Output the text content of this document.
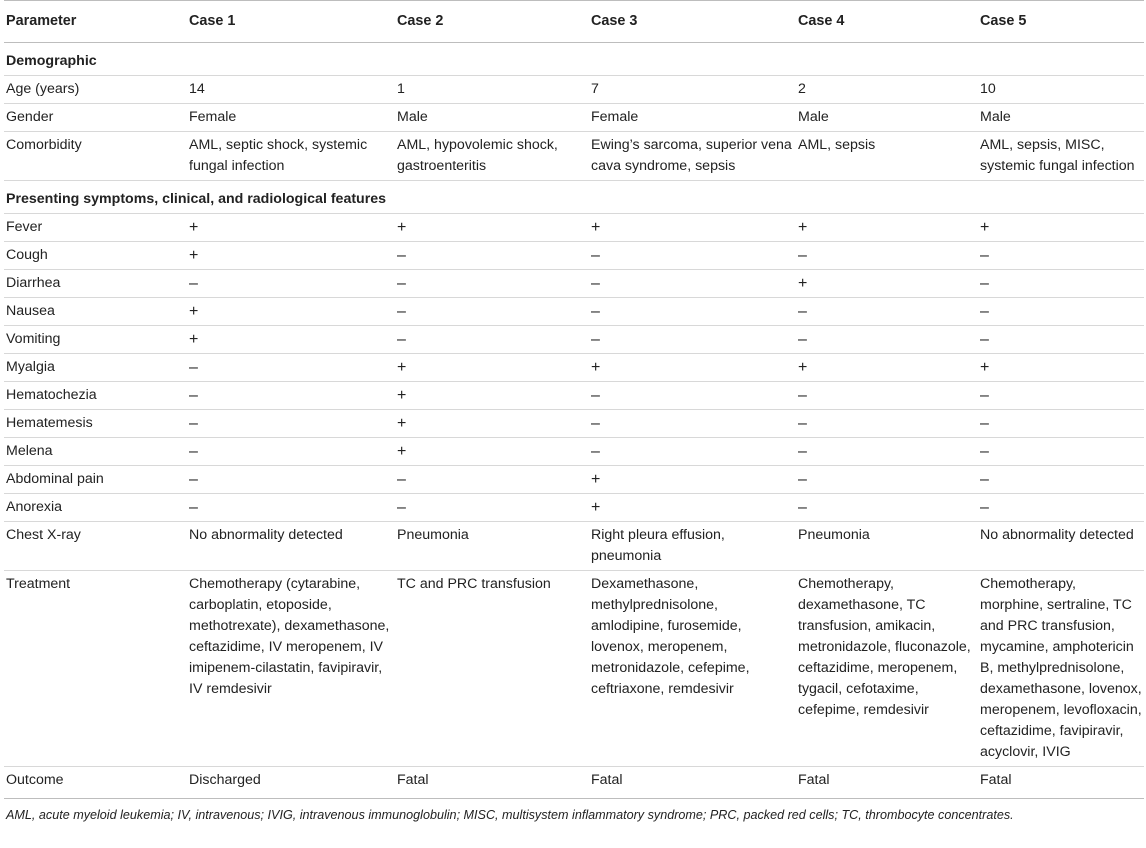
Parameter	Case 1	Case 2	Case 3	Case 4	Case 5
Demographic					
Age (years)	14	1	7	2	10
Gender	Female	Male	Female	Male	Male
Comorbidity	AML, septic shock, systemic fungal infection	AML, hypovolemic shock, gastroenteritis	Ewing’s sarcoma, superior vena cava syndrome, sepsis	AML, sepsis	AML, sepsis, MISC, systemic fungal infection
Presenting symptoms, clinical, and radiological features					
Fever	+	+	+	+	+
Cough	+	–	–	–	–
Diarrhea	–	–	–	+	–
Nausea	+	–	–	–	–
Vomiting	+	–	–	–	–
Myalgia	–	+	+	+	+
Hematochezia	–	+	–	–	–
Hematemesis	–	+	–	–	–
Melena	–	+	–	–	–
Abdominal pain	–	–	+	–	–
Anorexia	–	–	+	–	–
Chest X-ray	No abnormality detected	Pneumonia	Right pleura effusion, pneumonia	Pneumonia	No abnormality detected
Treatment	Chemotherapy (cytarabine, carboplatin, etoposide, methotrexate), dexamethasone, ceftazidime, IV meropenem, IV imipenem-cilastatin, favipiravir, IV remdesivir	TC and PRC transfusion	Dexamethasone, methylprednisolone, amlodipine, furosemide, lovenox, meropenem, metronidazole, cefepime, ceftriaxone, remdesivir	Chemotherapy, dexamethasone, TC transfusion, amikacin, metronidazole, fluconazole, ceftazidime, meropenem, tygacil, cefotaxime, cefepime, remdesivir	Chemotherapy, morphine, sertraline, TC and PRC transfusion, mycamine, amphotericin B, methylprednisolone, dexamethasone, lovenox, meropenem, levofloxacin, ceftazidime, favipiravir, acyclovir, IVIG
Outcome	Discharged	Fatal	Fatal	Fatal	Fatal
AML, acute myeloid leukemia; IV, intravenous; IVIG, intravenous immunoglobulin; MISC, multisystem inflammatory syndrome; PRC, packed red cells; TC, thrombocyte concentrates.
